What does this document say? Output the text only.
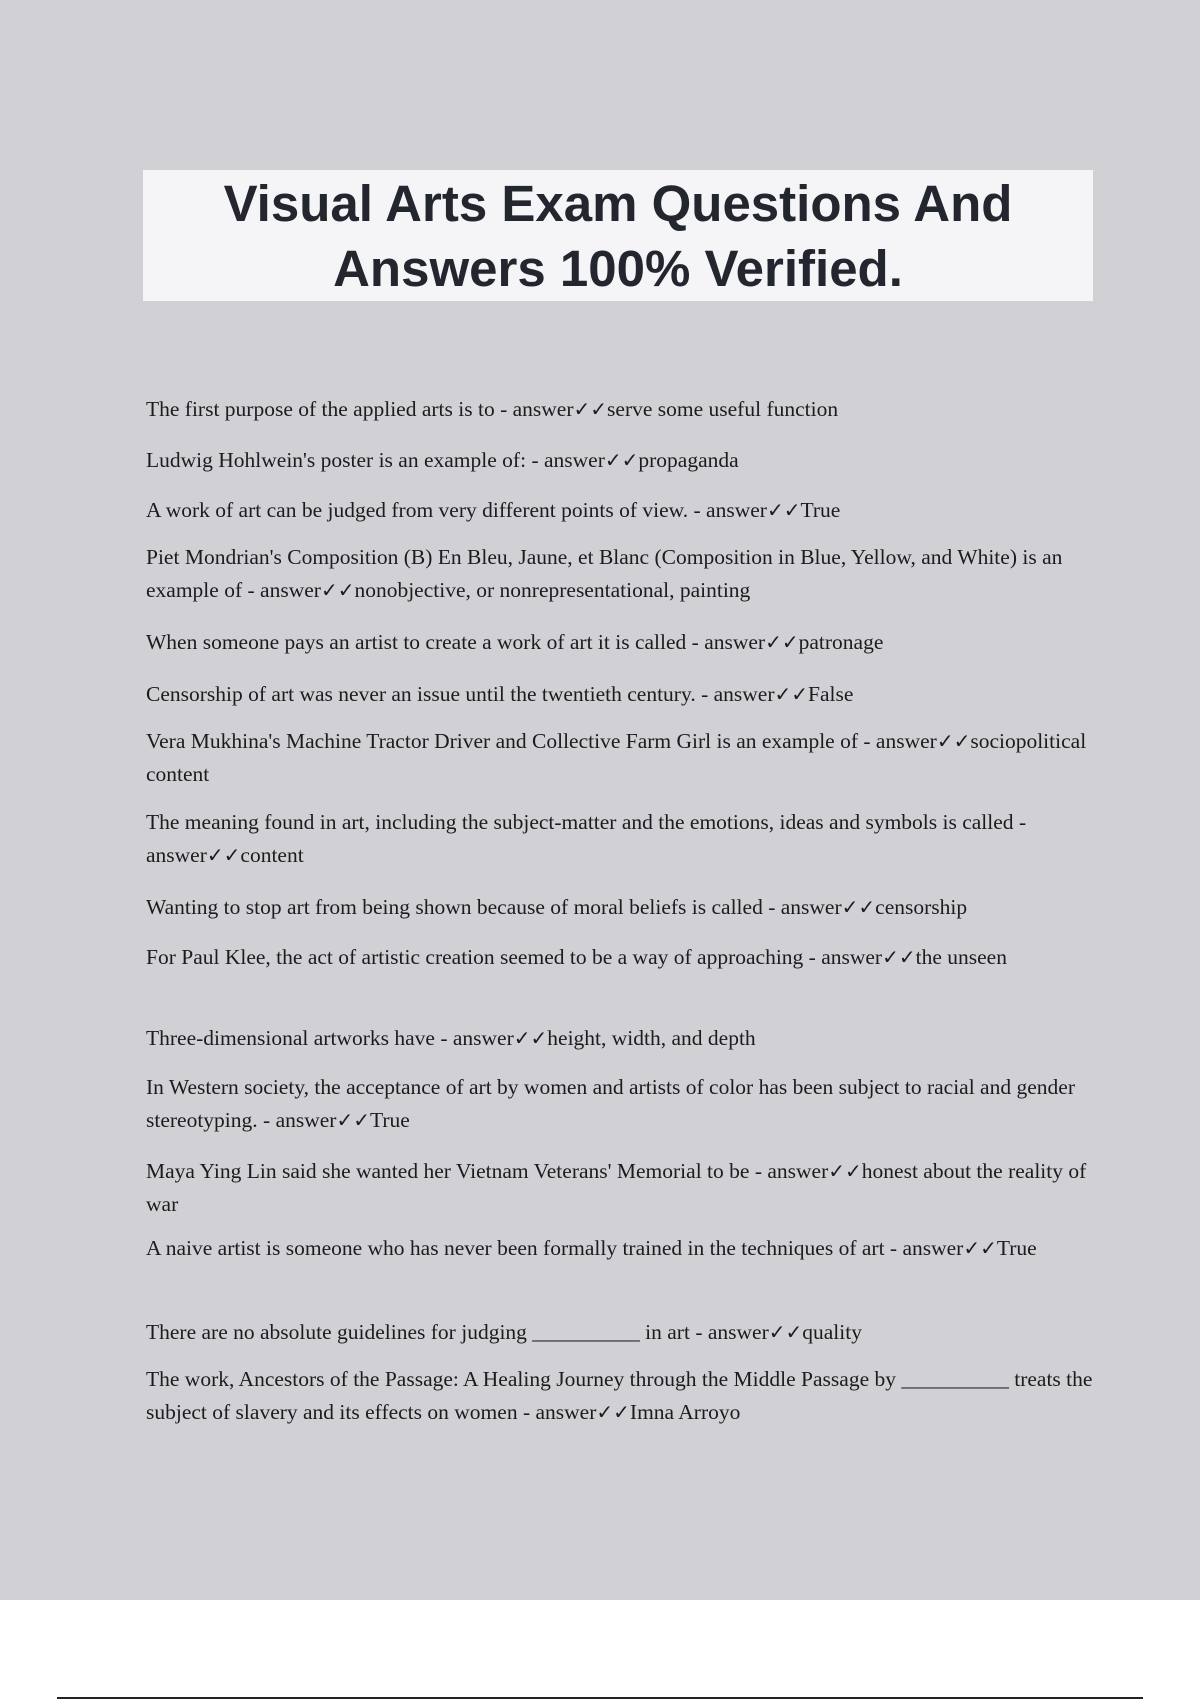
Visual Arts Exam Questions And Answers 100% Verified.
The first purpose of the applied arts is to - answer✓✓serve some useful function
Ludwig Hohlwein's poster is an example of: - answer✓✓propaganda
A work of art can be judged from very different points of view. - answer✓✓True
Piet Mondrian's Composition (B) En Bleu, Jaune, et Blanc (Composition in Blue, Yellow, and White) is an example of - answer✓✓nonobjective, or nonrepresentational, painting
When someone pays an artist to create a work of art it is called - answer✓✓patronage
Censorship of art was never an issue until the twentieth century. - answer✓✓False
Vera Mukhina's Machine Tractor Driver and Collective Farm Girl is an example of - answer✓✓sociopolitical content
The meaning found in art, including the subject-matter and the emotions, ideas and symbols is called - answer✓✓content
Wanting to stop art from being shown because of moral beliefs is called - answer✓✓censorship
For Paul Klee, the act of artistic creation seemed to be a way of approaching - answer✓✓the unseen
Three-dimensional artworks have - answer✓✓height, width, and depth
In Western society, the acceptance of art by women and artists of color has been subject to racial and gender stereotyping. - answer✓✓True
Maya Ying Lin said she wanted her Vietnam Veterans' Memorial to be - answer✓✓honest about the reality of war
A naive artist is someone who has never been formally trained in the techniques of art - answer✓✓True
There are no absolute guidelines for judging __________ in art - answer✓✓quality
The work, Ancestors of the Passage: A Healing Journey through the Middle Passage by __________ treats the subject of slavery and its effects on women - answer✓✓Imna Arroyo
